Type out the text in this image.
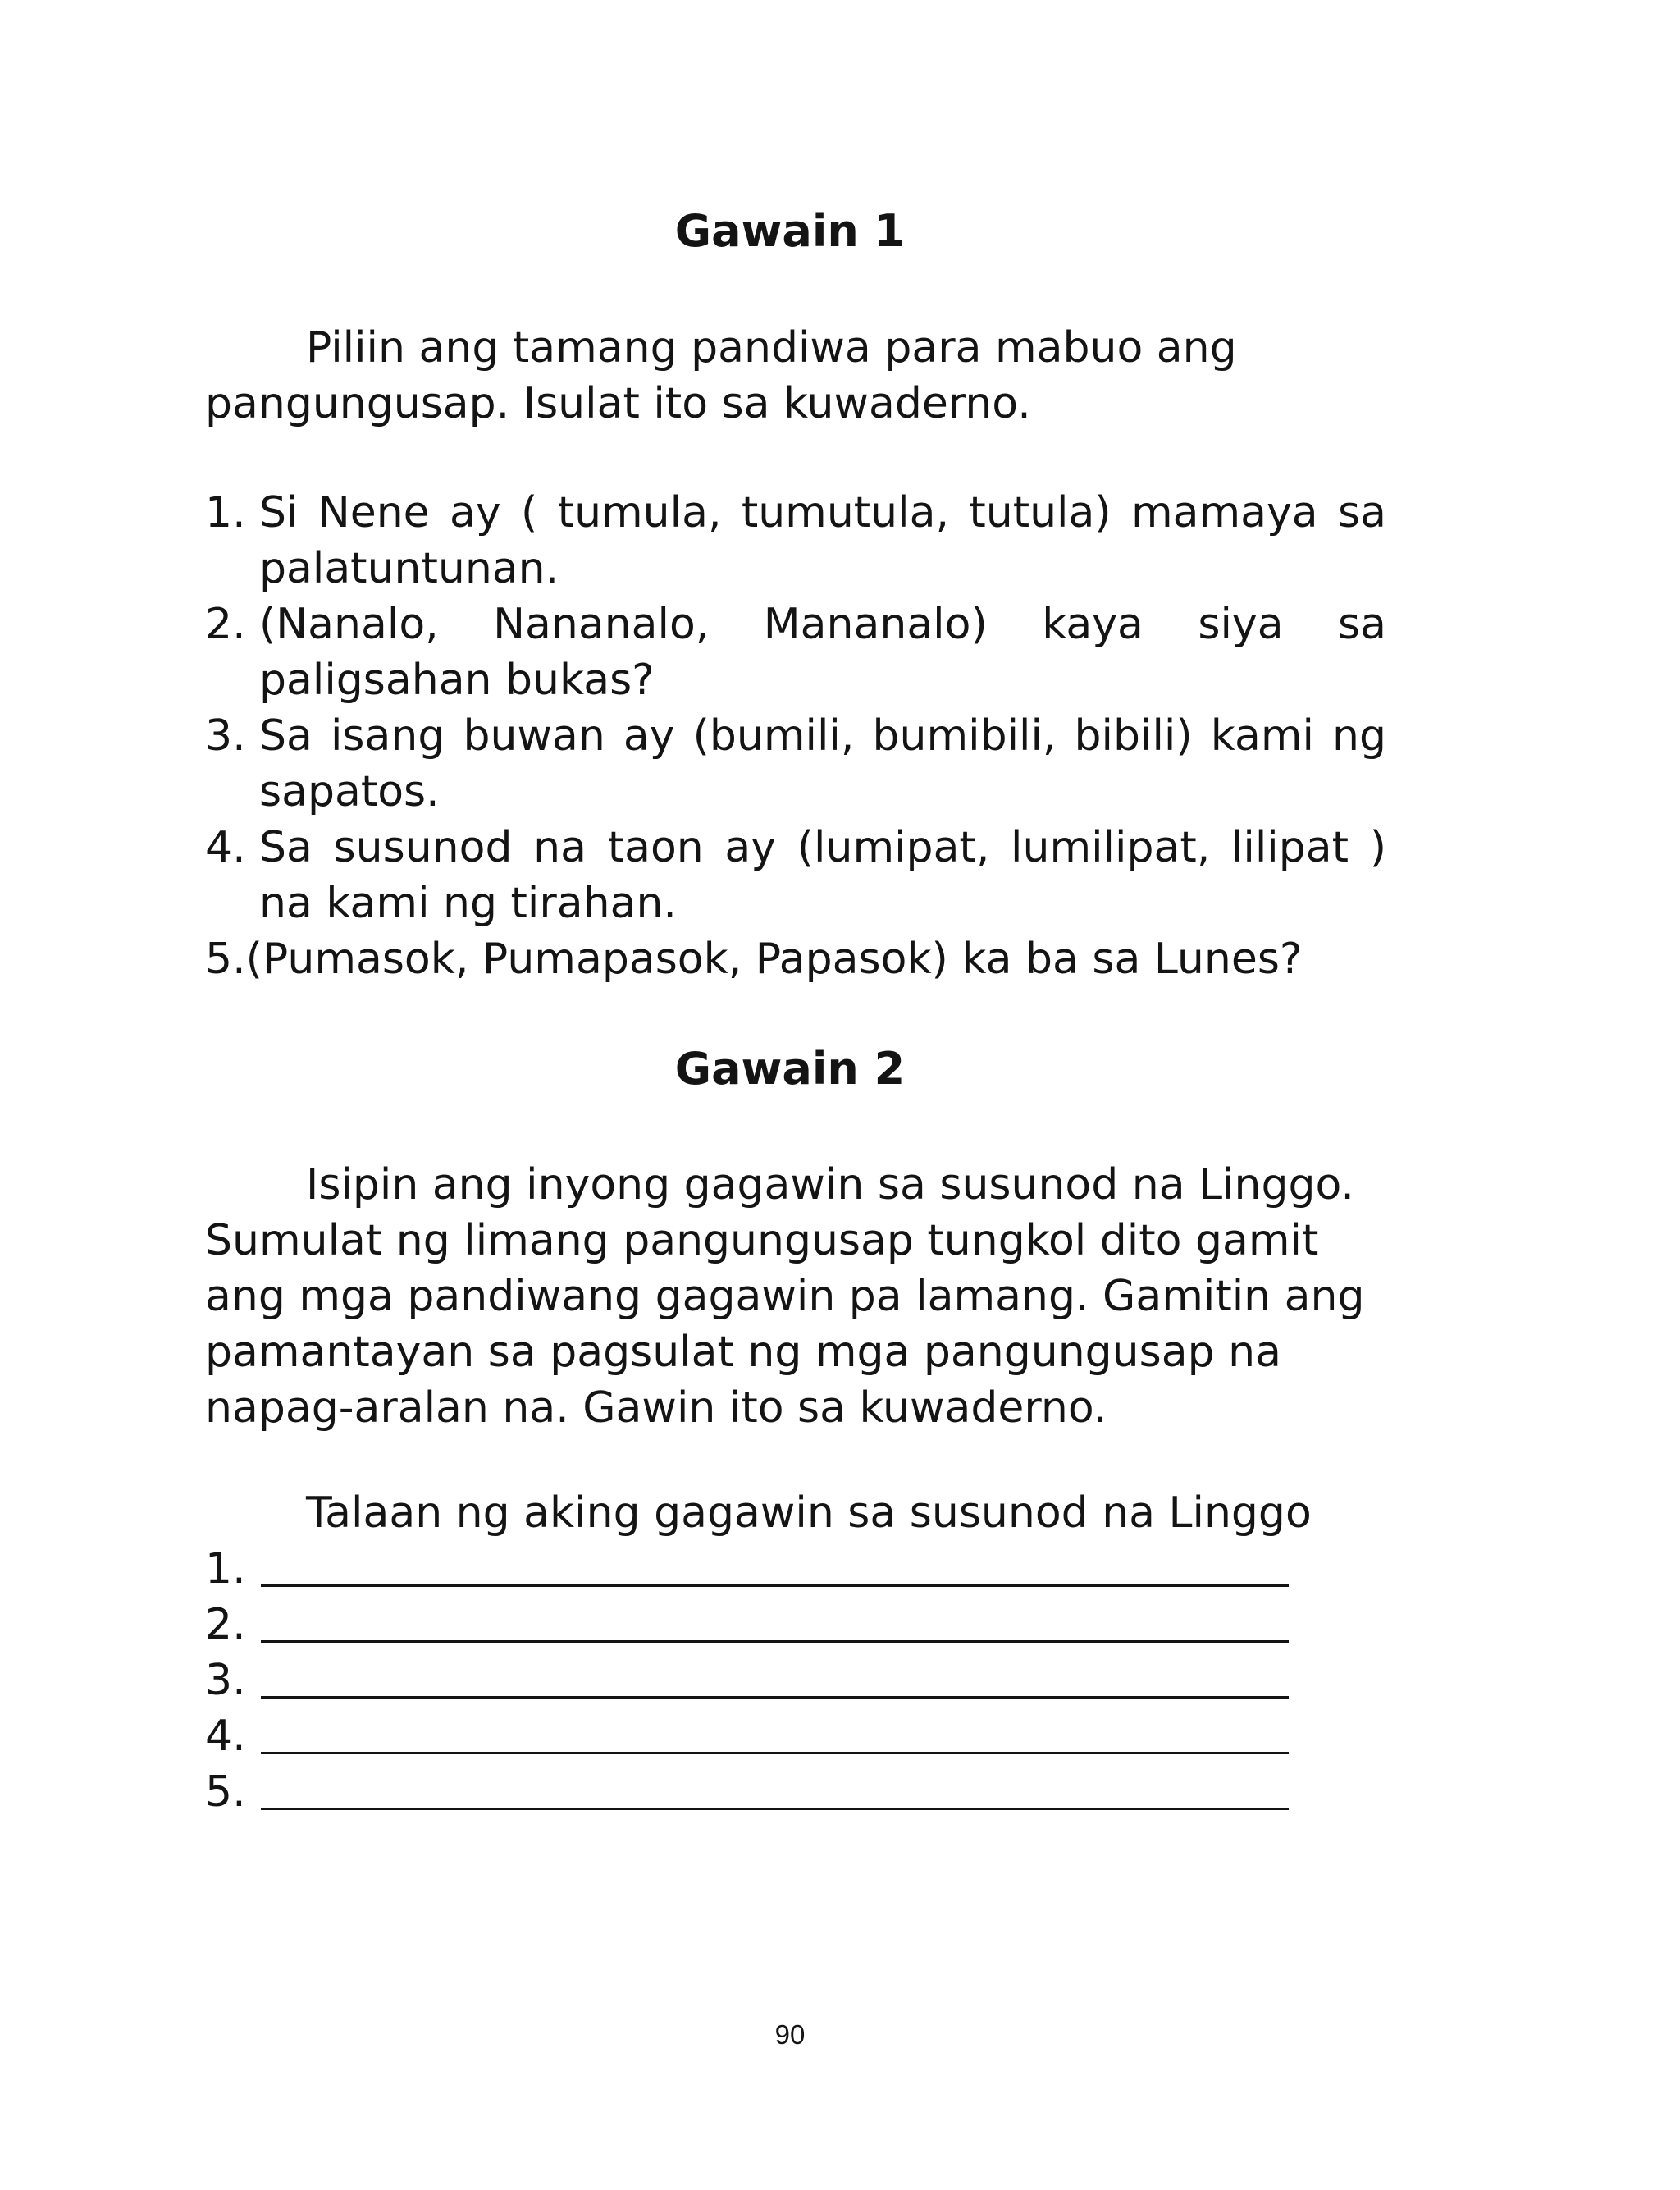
Gawain 1

Piliin ang tamang pandiwa para mabuo ang pangungusap. Isulat ito sa kuwaderno.

1. Si Nene ay ( tumula, tumutula, tutula) mamaya sa palatuntunan.
2. (Nanalo, Nananalo, Mananalo) kaya siya sa paligsahan bukas?
3. Sa isang buwan ay (bumili, bumibili, bibili) kami ng sapatos.
4. Sa susunod na taon ay (lumipat, lumilipat, lilipat ) na kami ng tirahan.
5. (Pumasok, Pumapasok, Papasok) ka ba sa Lunes?
Gawain 2

Isipin ang inyong gagawin sa susunod na Linggo. Sumulat ng limang pangungusap tungkol dito gamit ang mga pandiwang gagawin pa lamang. Gamitin ang pamantayan sa pagsulat ng mga pangungusap na napag-aralan na. Gawin ito sa kuwaderno.

Talaan ng aking gagawin sa susunod na Linggo

1.
2.
3.
4.
5.

90
